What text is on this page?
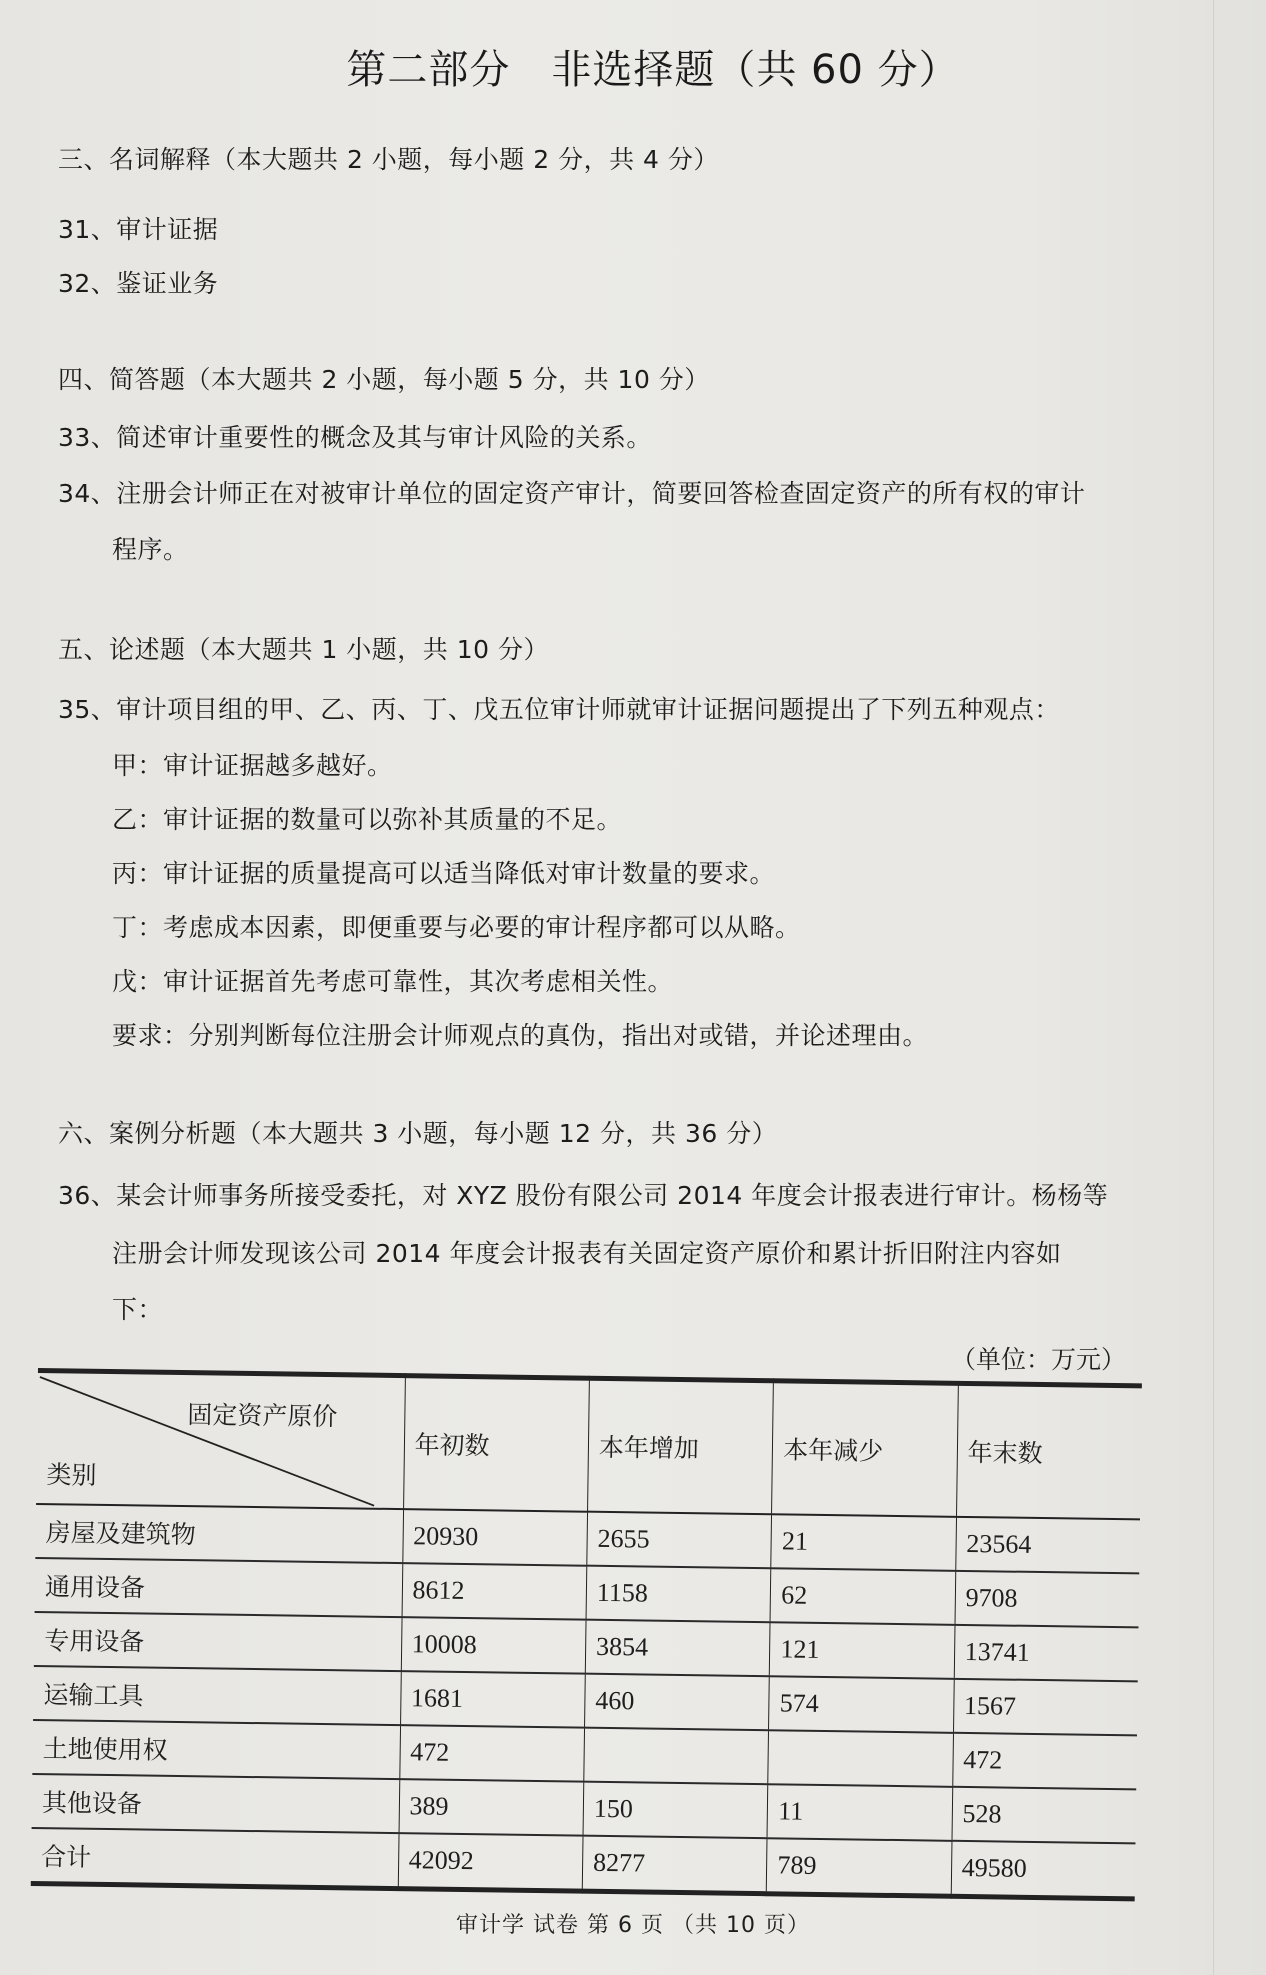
第二部分　非选择题（共 60 分）
三、名词解释（本大题共 2 小题，每小题 2 分，共 4 分）
31、审计证据
32、鉴证业务
四、简答题（本大题共 2 小题，每小题 5 分，共 10 分）
33、简述审计重要性的概念及其与审计风险的关系。
34、注册会计师正在对被审计单位的固定资产审计，简要回答检查固定资产的所有权的审计
程序。
五、论述题（本大题共 1 小题，共 10 分）
35、审计项目组的甲、乙、丙、丁、戊五位审计师就审计证据问题提出了下列五种观点：
甲：审计证据越多越好。
乙：审计证据的数量可以弥补其质量的不足。
丙：审计证据的质量提高可以适当降低对审计数量的要求。
丁：考虑成本因素，即便重要与必要的审计程序都可以从略。
戊：审计证据首先考虑可靠性，其次考虑相关性。
要求：分别判断每位注册会计师观点的真伪，指出对或错，并论述理由。
六、案例分析题（本大题共 3 小题，每小题 12 分，共 36 分）
36、某会计师事务所接受委托，对 XYZ 股份有限公司 2014 年度会计报表进行审计。杨杨等
注册会计师发现该公司 2014 年度会计报表有关固定资产原价和累计折旧附注内容如
下：
（单位：万元）
固定资产原价
类别	年初数	本年增加	本年减少	年末数
房屋及建筑物	20930	2655	21	23564
通用设备	8612	1158	62	9708
专用设备	10008	3854	121	13741
运输工具	1681	460	574	1567
土地使用权	472			472
其他设备	389	150	11	528
合计	42092	8277	789	49580
审计学 试卷 第 6 页 （共 10 页）
